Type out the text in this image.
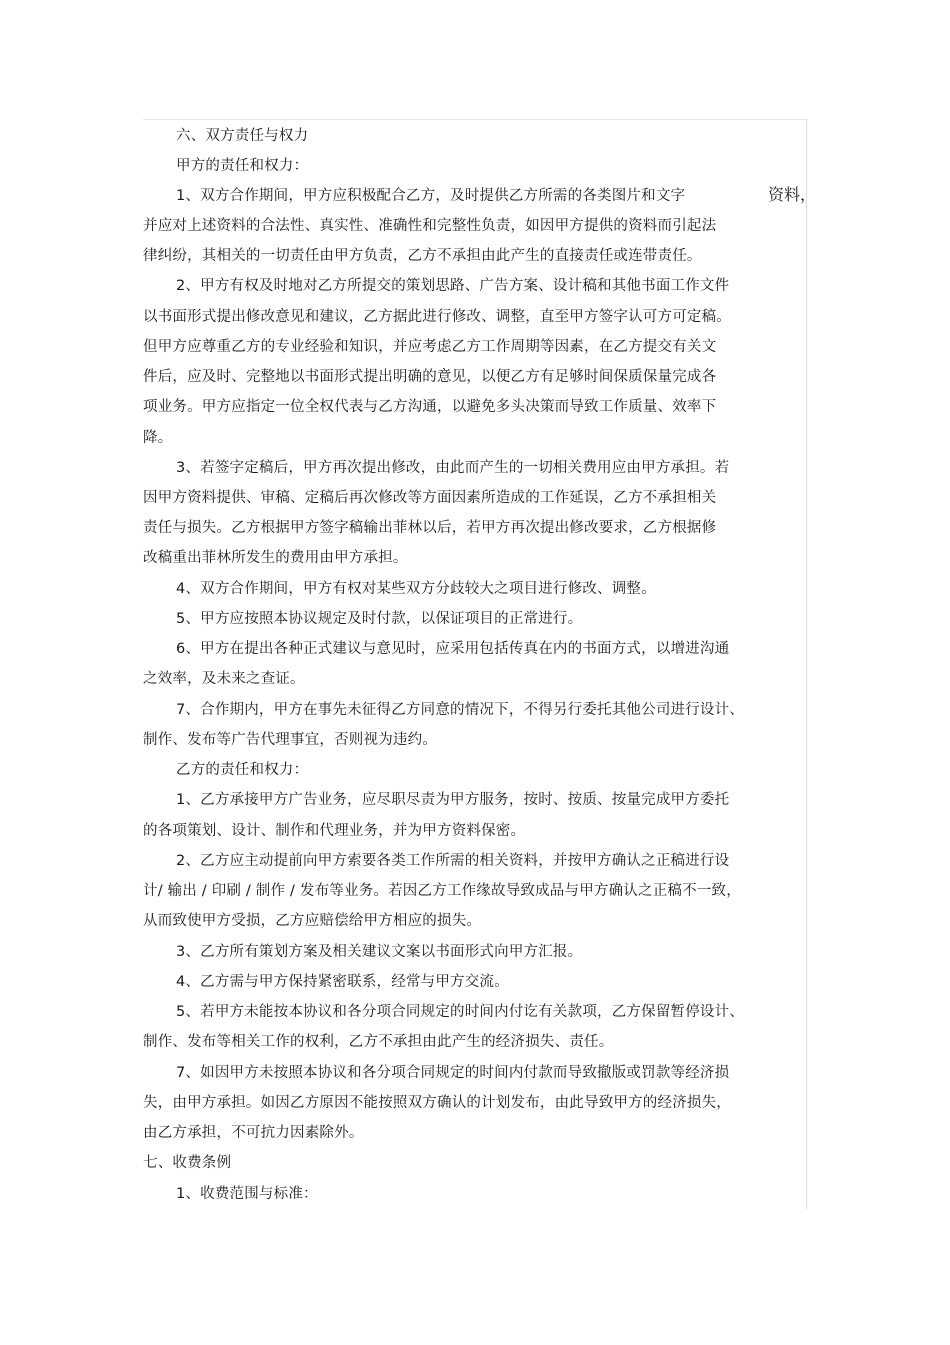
六、双方责任与权力
甲方的责任和权力：
1、双方合作期间，甲方应积极配合乙方，及时提供乙方所需的各类图片和文字	资料，
并应对上述资料的合法性、真实性、准确性和完整性负责，如因甲方提供的资料而引起法
律纠纷，其相关的一切责任由甲方负责，乙方不承担由此产生的直接责任或连带责任。
2、甲方有权及时地对乙方所提交的策划思路、广告方案、设计稿和其他书面工作文件
以书面形式提出修改意见和建议，乙方据此进行修改、调整，直至甲方签字认可方可定稿。
但甲方应尊重乙方的专业经验和知识，并应考虑乙方工作周期等因素，在乙方提交有关文
件后，应及时、完整地以书面形式提出明确的意见，以便乙方有足够时间保质保量完成各
项业务。甲方应指定一位全权代表与乙方沟通，以避免多头决策而导致工作质量、效率下
降。
3、若签字定稿后，甲方再次提出修改，由此而产生的一切相关费用应由甲方承担。若
因甲方资料提供、审稿、定稿后再次修改等方面因素所造成的工作延误，乙方不承担相关
责任与损失。乙方根据甲方签字稿输出菲林以后，若甲方再次提出修改要求，乙方根据修
改稿重出菲林所发生的费用由甲方承担。
4、双方合作期间，甲方有权对某些双方分歧较大之项目进行修改、调整。
5、甲方应按照本协议规定及时付款，以保证项目的正常进行。
6、甲方在提出各种正式建议与意见时，应采用包括传真在内的书面方式，以增进沟通
之效率，及未来之查证。
7、合作期内，甲方在事先未征得乙方同意的情况下，不得另行委托其他公司进行设计、
制作、发布等广告代理事宜，否则视为违约。
乙方的责任和权力：
1、乙方承接甲方广告业务，应尽职尽责为甲方服务，按时、按质、按量完成甲方委托
的各项策划、设计、制作和代理业务，并为甲方资料保密。
2、乙方应主动提前向甲方索要各类工作所需的相关资料，并按甲方确认之正稿进行设
计/ 输出 / 印刷 / 制作 / 发布等业务。若因乙方工作缘故导致成品与甲方确认之正稿不一致，
从而致使甲方受损，乙方应赔偿给甲方相应的损失。
3、乙方所有策划方案及相关建议文案以书面形式向甲方汇报。
4、乙方需与甲方保持紧密联系，经常与甲方交流。
5、若甲方未能按本协议和各分项合同规定的时间内付讫有关款项，乙方保留暂停设计、
制作、发布等相关工作的权利，乙方不承担由此产生的经济损失、责任。
7、如因甲方未按照本协议和各分项合同规定的时间内付款而导致撤版或罚款等经济损
失，由甲方承担。如因乙方原因不能按照双方确认的计划发布，由此导致甲方的经济损失，
由乙方承担，不可抗力因素除外。
七、收费条例
1、收费范围与标准：
